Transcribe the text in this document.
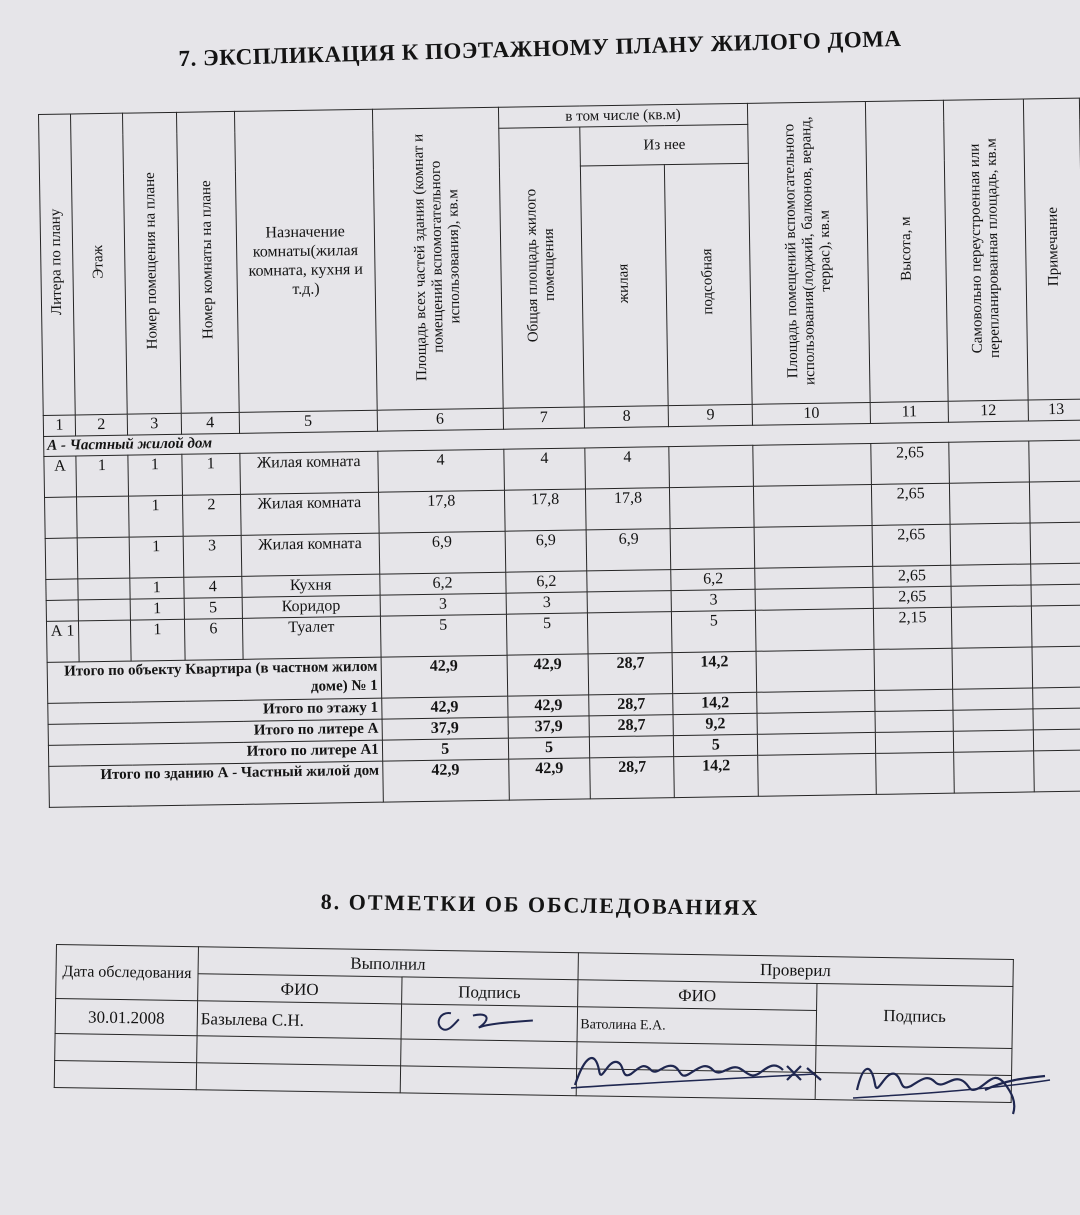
7. ЭКСПЛИКАЦИЯ К ПОЭТАЖНОМУ ПЛАНУ ЖИЛОГО ДОМА
Литера по плану	Этаж	Номер помещения на плане	Номер комнаты на плане	Назначение комнаты(жилая комната, кухня и т.д.)	Площадь всех частей здания (комнат и помещений вспомогательного использования), кв.м	в том числе (кв.м)			Площадь помещений вспомогательного использования(лоджий, балконов, веранд, террас), кв.м	Высота, м	Самовольно переустроенная или перепланированная площадь, кв.м	Примечание
						Общая площадь жилого помещения	Из нее					
							жилая	подсобная				
1	2	3	4	5	6	7	8	9	10	11	12	13
А - Частный жилой дом												
А	1	1	1	Жилая комната	4	4	4			2,65		
		1	2	Жилая комната	17,8	17,8	17,8			2,65		
		1	3	Жилая комната	6,9	6,9	6,9			2,65		
		1	4	Кухня	6,2	6,2		6,2		2,65		
		1	5	Коридор	3	3		3		2,65		
А 1		1	6	Туалет	5	5		5		2,15		
Итого по объекту Квартира (в частном жилом доме) № 1					42,9	42,9	28,7	14,2				
Итого по этажу 1					42,9	42,9	28,7	14,2				
Итого по литере А					37,9	37,9	28,7	9,2				
Итого по литере А1					5	5		5				
Итого по зданию А - Частный жилой дом					42,9	42,9	28,7	14,2				
8. ОТМЕТКИ ОБ ОБСЛЕДОВАНИЯХ
Дата обследования	Выполнил		Проверил	
	ФИО	Подпись	ФИО	Подпись
30.01.2008	Базылева С.Н.		Ватолина Е.А.	
